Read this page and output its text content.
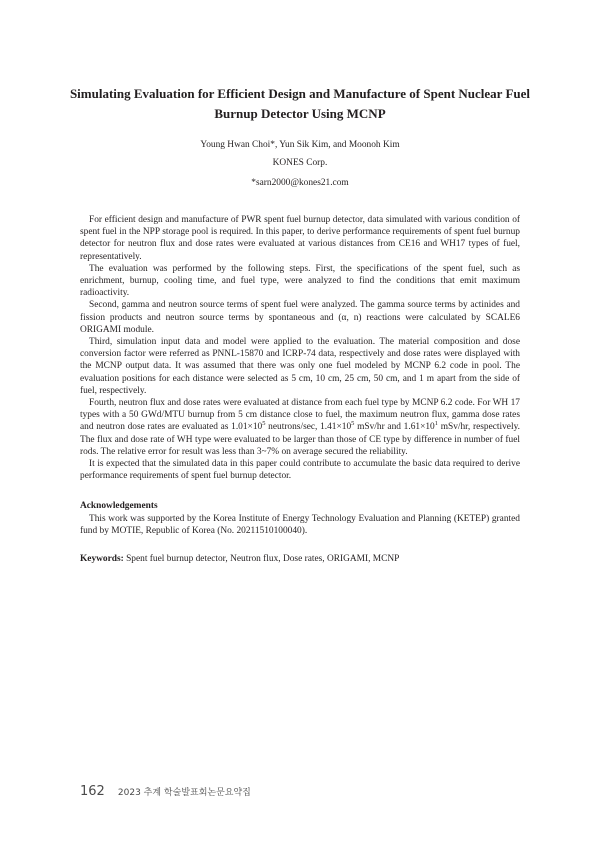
Simulating Evaluation for Efficient Design and Manufacture of Spent Nuclear Fuel Burnup Detector Using MCNP
Young Hwan Choi*, Yun Sik Kim, and Moonoh Kim
KONES Corp.
*sarn2000@kones21.com

For efficient design and manufacture of PWR spent fuel burnup detector, data simulated with various condition of spent fuel in the NPP storage pool is required. In this paper, to derive performance requirements of spent fuel burnup detector for neutron flux and dose rates were evaluated at various distances from CE16 and WH17 types of fuel, representatively.

The evaluation was performed by the following steps. First, the specifications of the spent fuel, such as enrichment, burnup, cooling time, and fuel type, were analyzed to find the conditions that emit maximum radioactivity.

Second, gamma and neutron source terms of spent fuel were analyzed. The gamma source terms by actinides and fission products and neutron source terms by spontaneous and (α, n) reactions were calculated by SCALE6 ORIGAMI module.

Third, simulation input data and model were applied to the evaluation. The material composition and dose conversion factor were referred as PNNL-15870 and ICRP-74 data, respectively and dose rates were displayed with the MCNP output data. It was assumed that there was only one fuel modeled by MCNP 6.2 code in pool. The evaluation positions for each distance were selected as 5 cm, 10 cm, 25 cm, 50 cm, and 1 m apart from the side of fuel, respectively.

Fourth, neutron flux and dose rates were evaluated at distance from each fuel type by MCNP 6.2 code. For WH 17 types with a 50 GWd/MTU burnup from 5 cm distance close to fuel, the maximum neutron flux, gamma dose rates and neutron dose rates are evaluated as $1.01\times 10^5$ neutrons/sec, $1.41\times 10^5$ mSv/hr and $1.61\times 10^1$ mSv/hr, respectively. The flux and dose rate of WH type were evaluated to be larger than those of CE type by difference in number of fuel rods. The relative error for result was less than 3~7% on average secured the reliability.

It is expected that the simulated data in this paper could contribute to accumulate the basic data required to derive performance requirements of spent fuel burnup detector.

Acknowledgements

This work was supported by the Korea Institute of Energy Technology Evaluation and Planning (KETEP) granted fund by MOTIE, Republic of Korea (No. 20211510100040).

Keywords: Spent fuel burnup detector, Neutron flux, Dose rates, ORIGAMI, MCNP
162 2023 추계 학술발표회논문요약집
